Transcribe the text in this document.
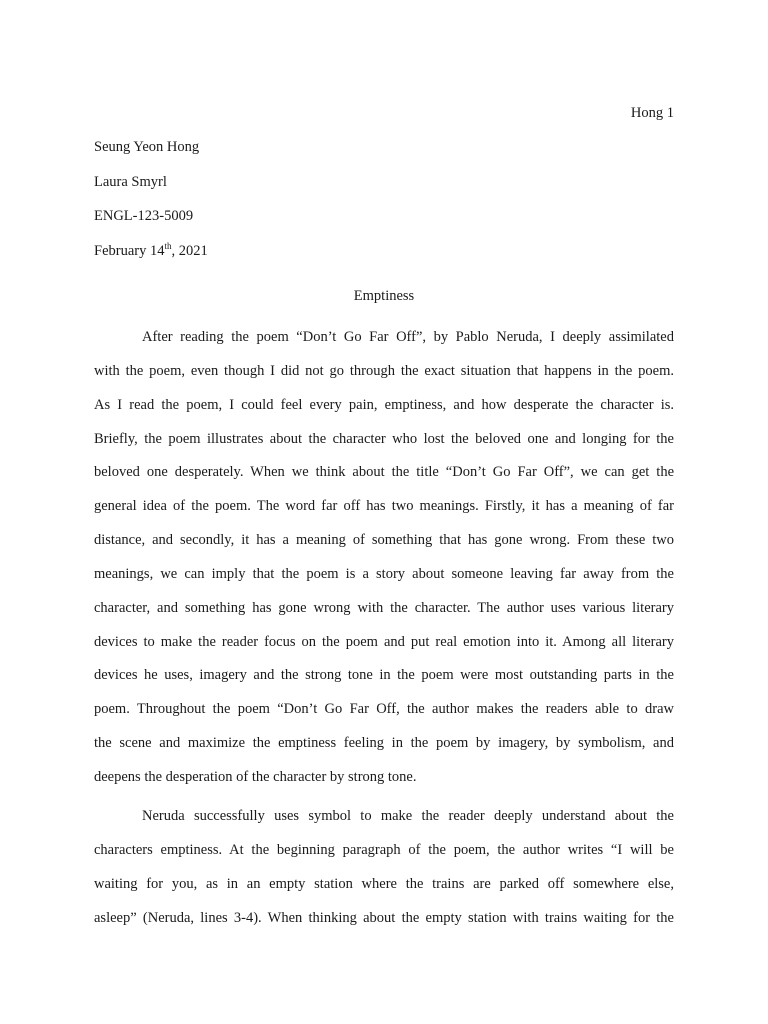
Hong 1
Seung Yeon Hong
Laura Smyrl
ENGL-123-5009
February 14th, 2021
Emptiness
After reading the poem “Don’t Go Far Off”, by Pablo Neruda, I deeply assimilated
with the poem, even though I did not go through the exact situation that happens in the poem.
As I read the poem, I could feel every pain, emptiness, and how desperate the character is.
Briefly, the poem illustrates about the character who lost the beloved one and longing for the
beloved one desperately. When we think about the title “Don’t Go Far Off”, we can get the
general idea of the poem. The word far off has two meanings. Firstly, it has a meaning of far
distance, and secondly, it has a meaning of something that has gone wrong. From these two
meanings, we can imply that the poem is a story about someone leaving far away from the
character, and something has gone wrong with the character. The author uses various literary
devices to make the reader focus on the poem and put real emotion into it. Among all literary
devices he uses, imagery and the strong tone in the poem were most outstanding parts in the
poem. Throughout the poem “Don’t Go Far Off, the author makes the readers able to draw
the scene and maximize the emptiness feeling in the poem by imagery, by symbolism, and
deepens the desperation of the character by strong tone.
Neruda successfully uses symbol to make the reader deeply understand about the
characters emptiness. At the beginning paragraph of the poem, the author writes “I will be
waiting for you, as in an empty station where the trains are parked off somewhere else,
asleep” (Neruda, lines 3-4). When thinking about the empty station with trains waiting for the
